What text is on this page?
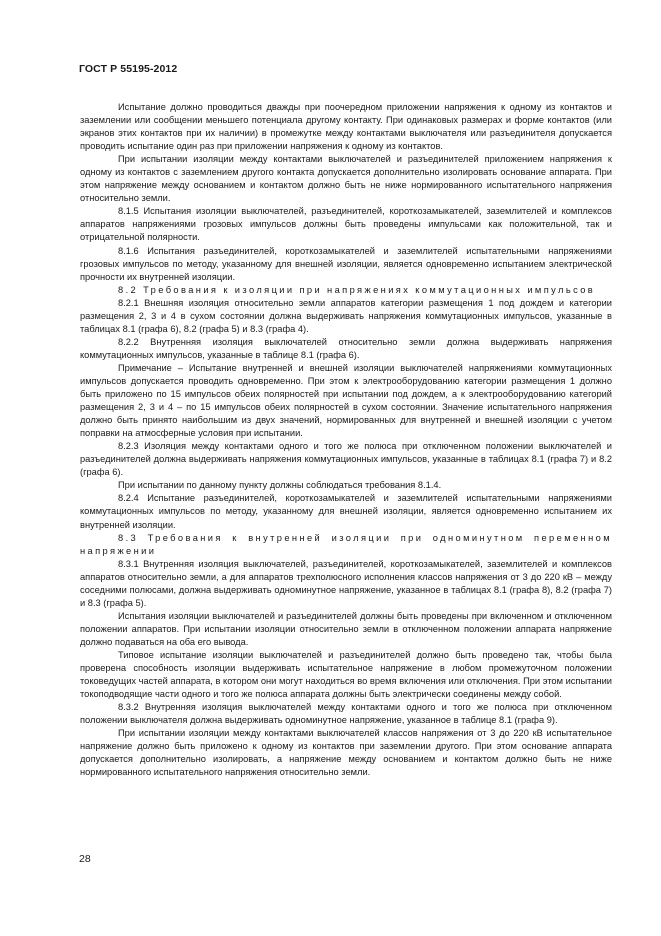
ГОСТ Р 55195-2012

Испытание должно проводиться дважды при поочередном приложении напряжения к одному из контактов и заземлении или сообщении меньшего потенциала другому контакту. При одинаковых размерах и форме контактов (или экранов этих контактов при их наличии) в промежутке между контактами выключателя или разъединителя допускается проводить испытание один раз при приложении напряжения к одному из контактов.

При испытании изоляции между контактами выключателей и разъединителей приложением напряжения к одному из контактов с заземлением другого контакта допускается дополнительно изолировать основание аппарата. При этом напряжение между основанием и контактом должно быть не ниже нормированного испытательного напряжения относительно земли.

8.1.5 Испытания изоляции выключателей, разъединителей, короткозамыкателей, заземлителей и комплексов аппаратов напряжениями грозовых импульсов должны быть проведены импульсами как положительной, так и отрицательной полярности.

8.1.6 Испытания разъединителей, короткозамыкателей и заземлителей испытательными напряжениями грозовых импульсов по методу, указанному для внешней изоляции, является одновременно испытанием электрической прочности их внутренней изоляции.

8.2 Требования к изоляции при напряжениях коммутационных импульсов

8.2.1 Внешняя изоляция относительно земли аппаратов категории размещения 1 под дождем и категории размещения 2, 3 и 4 в сухом состоянии должна выдерживать напряжения коммутационных импульсов, указанные в таблицах 8.1 (графа 6), 8.2 (графа 5) и 8.3 (графа 4).

8.2.2 Внутренняя изоляция выключателей относительно земли должна выдерживать напряжения коммутационных импульсов, указанные в таблице 8.1 (графа 6).

Примечание – Испытание внутренней и внешней изоляции выключателей напряжениями коммутационных импульсов допускается проводить одновременно. При этом к электрооборудованию категории размещения 1 должно быть приложено по 15 импульсов обеих полярностей при испытании под дождем, а к электрооборудованию категорий размещения 2, 3 и 4 – по 15 импульсов обеих полярностей в сухом состоянии. Значение испытательного напряжения должно быть принято наибольшим из двух значений, нормированных для внутренней и внешней изоляции с учетом поправки на атмосферные условия при испытании.

8.2.3 Изоляция между контактами одного и того же полюса при отключенном положении выключателей и разъединителей должна выдерживать напряжения коммутационных импульсов, указанные в таблицах 8.1 (графа 7) и 8.2 (графа 6).

При испытании по данному пункту должны соблюдаться требования 8.1.4.

8.2.4 Испытание разъединителей, короткозамыкателей и заземлителей испытательными напряжениями коммутационных импульсов по методу, указанному для внешней изоляции, является одновременно испытанием их внутренней изоляции.

8.3 Требования к внутренней изоляции при одноминутном переменном напряжении

8.3.1 Внутренняя изоляция выключателей, разъединителей, короткозамыкателей, заземлителей и комплексов аппаратов относительно земли, а для аппаратов трехполюсного исполнения классов напряжения от 3 до 220 кВ – между соседними полюсами, должна выдерживать одноминутное напряжение, указанное в таблицах 8.1 (графа 8), 8.2 (графа 7) и 8.3 (графа 5).

Испытания изоляции выключателей и разъединителей должны быть проведены при включенном и отключенном положении аппаратов. При испытании изоляции относительно земли в отключенном положении аппарата напряжение должно подаваться на оба его вывода.

Типовое испытание изоляции выключателей и разъединителей должно быть проведено так, чтобы была проверена способность изоляции выдерживать испытательное напряжение в любом промежуточном положении токоведущих частей аппарата, в котором они могут находиться во время включения или отключения. При этом испытании токоподводящие части одного и того же полюса аппарата должны быть электрически соединены между собой.

8.3.2 Внутренняя изоляция выключателей между контактами одного и того же полюса при отключенном положении выключателя должна выдерживать одноминутное напряжение, указанное в таблице 8.1 (графа 9).

При испытании изоляции между контактами выключателей классов напряжения от 3 до 220 кВ испытательное напряжение должно быть приложено к одному из контактов при заземлении другого. При этом основание аппарата допускается дополнительно изолировать, а напряжение между основанием и контактом должно быть не ниже нормированного испытательного напряжения относительно земли.

28
